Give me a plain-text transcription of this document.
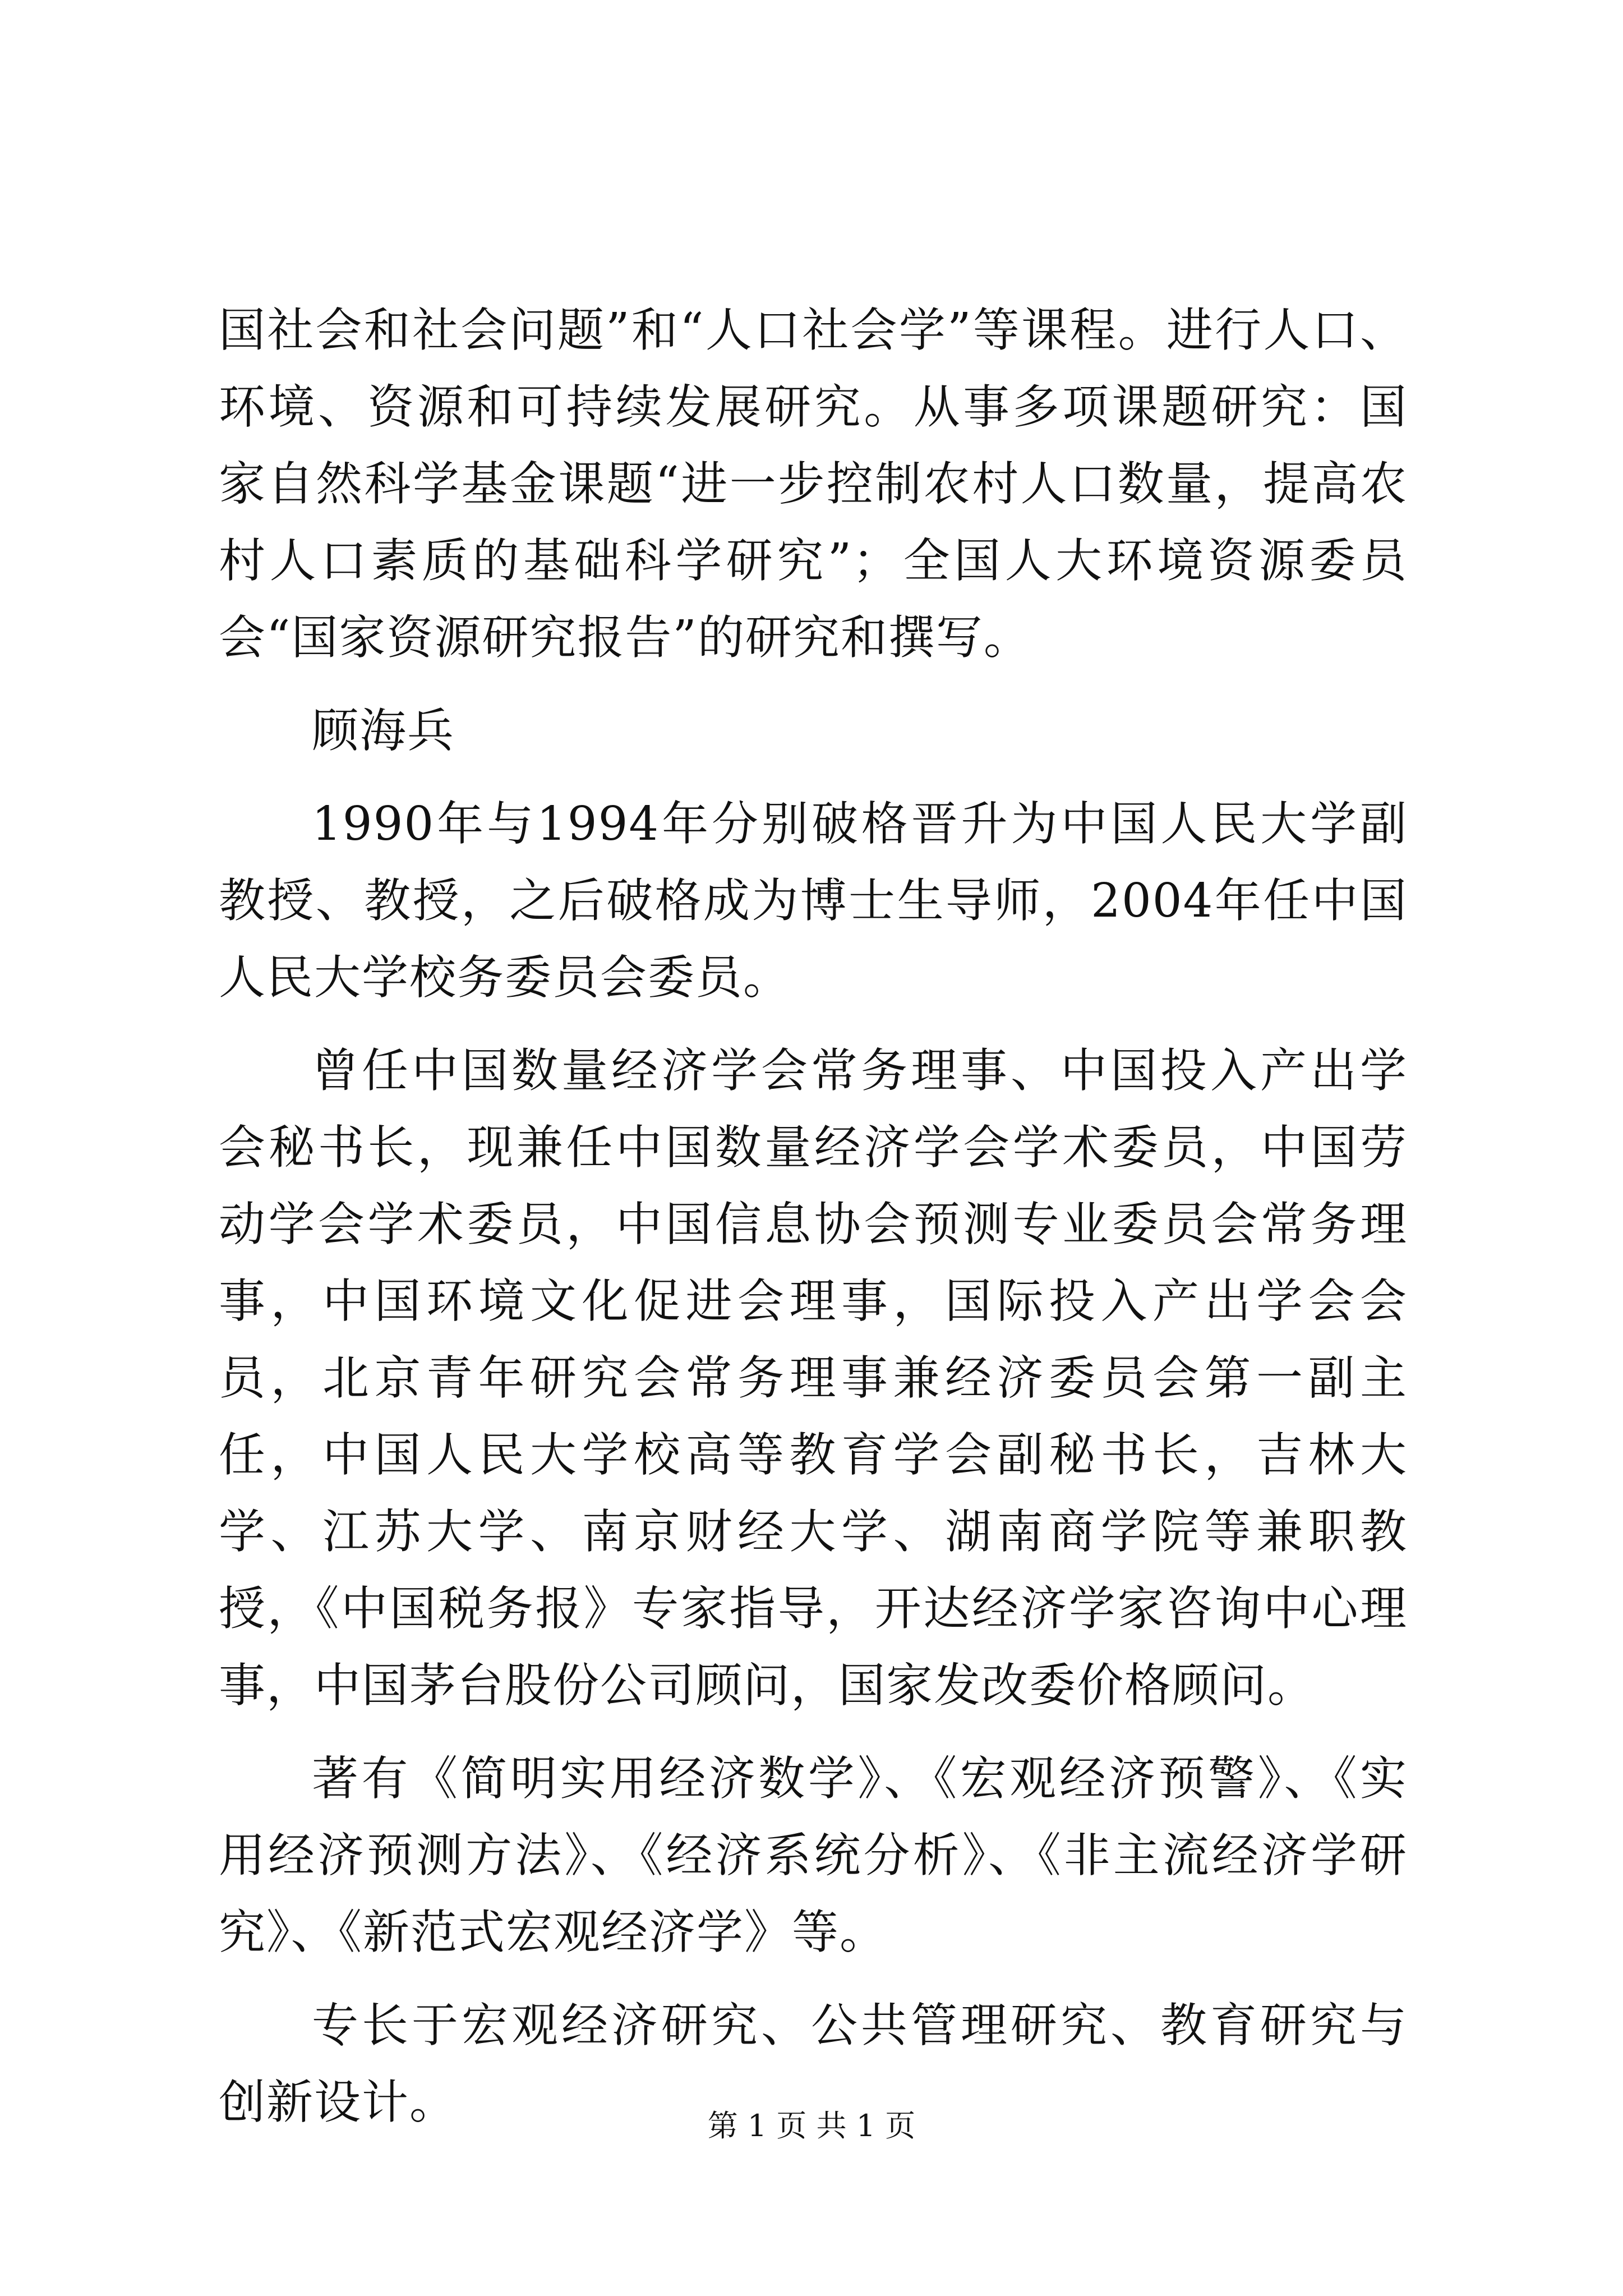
国社会和社会问题”和“人口社会学”等课程。进行人口、环境、资源和可持续发展研究。从事多项课题研究：国家自然科学基金课题“进一步控制农村人口数量，提高农村人口素质的基础科学研究”；全国人大环境资源委员会“国家资源研究报告”的研究和撰写。

顾海兵

1990年与1994年分别破格晋升为中国人民大学副教授、教授，之后破格成为博士生导师，2004年任中国人民大学校务委员会委员。

曾任中国数量经济学会常务理事、中国投入产出学会秘书长，现兼任中国数量经济学会学术委员，中国劳动学会学术委员，中国信息协会预测专业委员会常务理事，中国环境文化促进会理事，国际投入产出学会会员，北京青年研究会常务理事兼经济委员会第一副主任，中国人民大学校高等教育学会副秘书长，吉林大学、江苏大学、南京财经大学、湖南商学院等兼职教授，《中国税务报》专家指导，开达经济学家咨询中心理事，中国茅台股份公司顾问，国家发改委价格顾问。

著有《简明实用经济数学》、《宏观经济预警》、《实用经济预测方法》、《经济系统分析》、《非主流经济学研究》、《新范式宏观经济学》等。

专长于宏观经济研究、公共管理研究、教育研究与创新设计。	第 1 页 共 1 页
